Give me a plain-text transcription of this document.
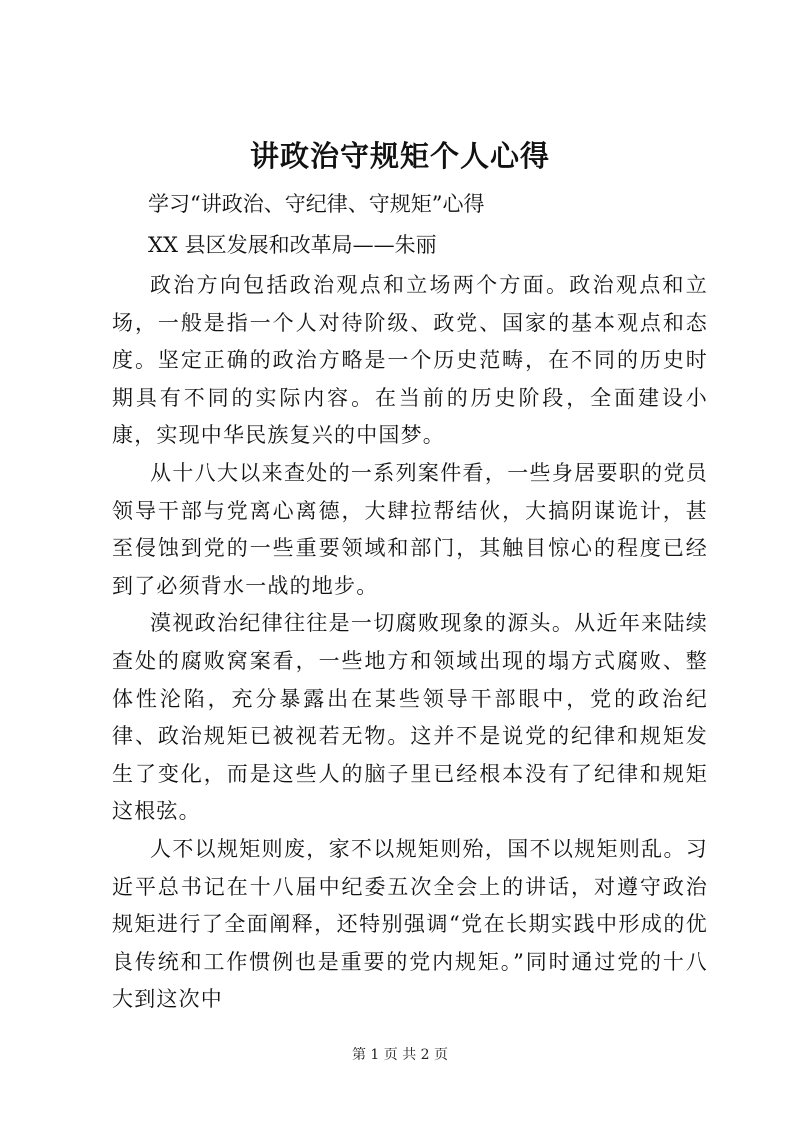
讲政治守规矩个人心得
学习“讲政治、守纪律、守规矩”心得
XX 县区发展和改革局——朱丽

政治方向包括政治观点和立场两个方面。政治观点和立场，一般是指一个人对待阶级、政党、国家的基本观点和态度。坚定正确的政治方略是一个历史范畴，在不同的历史时期具有不同的实际内容。在当前的历史阶段，全面建设小康，实现中华民族复兴的中国梦。

从十八大以来查处的一系列案件看，一些身居要职的党员领导干部与党离心离德，大肆拉帮结伙，大搞阴谋诡计，甚至侵蚀到党的一些重要领域和部门，其触目惊心的程度已经到了必须背水一战的地步。

漠视政治纪律往往是一切腐败现象的源头。从近年来陆续查处的腐败窝案看，一些地方和领域出现的塌方式腐败、整体性沦陷，充分暴露出在某些领导干部眼中，党的政治纪律、政治规矩已被视若无物。这并不是说党的纪律和规矩发生了变化，而是这些人的脑子里已经根本没有了纪律和规矩这根弦。

人不以规矩则废，家不以规矩则殆，国不以规矩则乱。习近平总书记在十八届中纪委五次全会上的讲话，对遵守政治规矩进行了全面阐释，还特别强调“党在长期实践中形成的优良传统和工作惯例也是重要的党内规矩。”同时通过党的十八大到这次中

第 1 页 共 2 页
